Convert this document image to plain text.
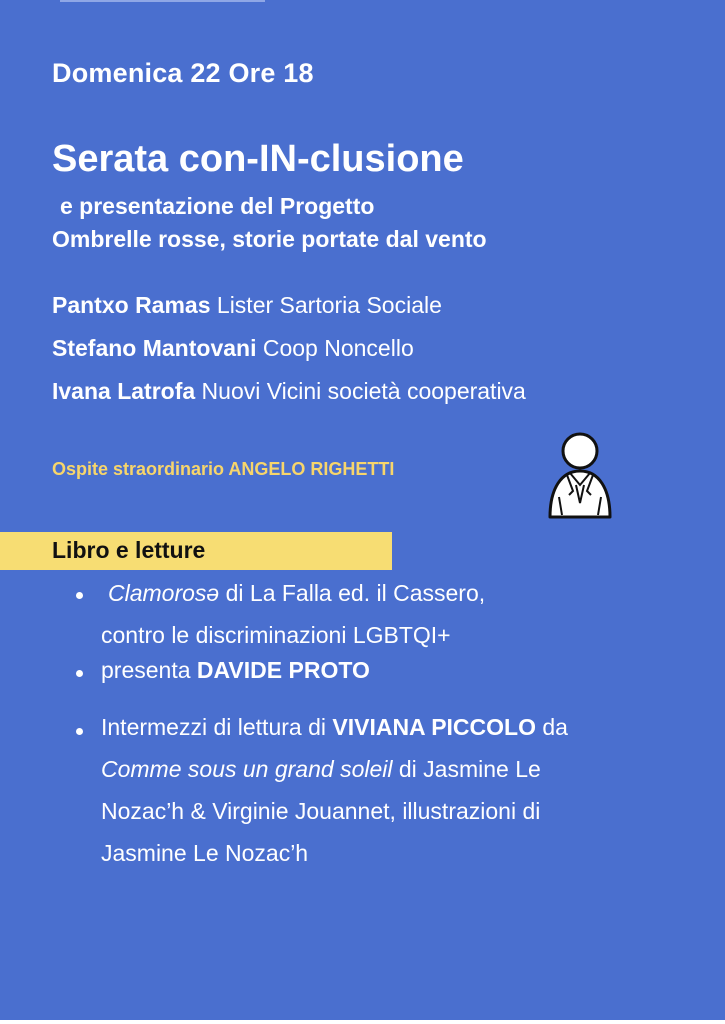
Domenica 22 Ore 18
Serata con-IN-clusione
e presentazione del Progetto
Ombrelle rosse, storie portate dal vento
Pantxo Ramas Lister Sartoria Sociale
Stefano Mantovani Coop Noncello
Ivana Latrofa Nuovi Vicini società cooperativa
Ospite straordinario ANGELO RIGHETTI
Libro e letture
Clamorosə di La Falla ed. il Cassero,
contro le discriminazioni LGBTQI+
presenta DAVIDE PROTO
Intermezzi di lettura di VIVIANA PICCOLO da
Comme sous un grand soleil di Jasmine Le
Nozac’h & Virginie Jouannet, illustrazioni di
Jasmine Le Nozac’h
